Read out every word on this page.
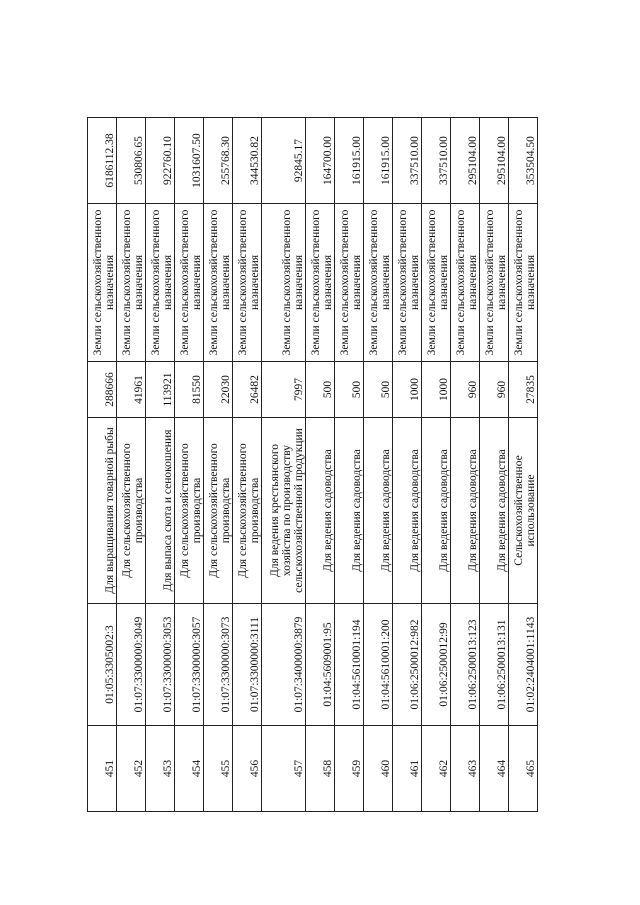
451	01:05:3305002:3	Для выращивания товарной рыбы	288666	Земли сельскохозяйственного назначения	6186112.38
452	01:07:3300000:3049	Для сельскохозяйственного производства	41961	Земли сельскохозяйственного назначения	530806.65
453	01:07:3300000:3053	Для выпаса скота и сенокошения	113921	Земли сельскохозяйственного назначения	922760.10
454	01:07:3300000:3057	Для сельскохозяйственного производства	81550	Земли сельскохозяйственного назначения	1031607.50
455	01:07:3300000:3073	Для сельскохозяйственного производства	22030	Земли сельскохозяйственного назначения	255768.30
456	01:07:3300000:3111	Для сельскохозяйственного производства	26482	Земли сельскохозяйственного назначения	344530.82
457	01:07:3400000:3879	Для ведения крестьянского хозяйства по производству сельскохозяйственной продукции	7997	Земли сельскохозяйственного назначения	92845.17
458	01:04:5609001:95	Для ведения садоводства	500	Земли сельскохозяйственного назначения	164700.00
459	01:04:5610001:194	Для ведения садоводства	500	Земли сельскохозяйственного назначения	161915.00
460	01:04:5610001:200	Для ведения садоводства	500	Земли сельскохозяйственного назначения	161915.00
461	01:06:2500012:982	Для ведения садоводства	1000	Земли сельскохозяйственного назначения	337510.00
462	01:06:2500012:99	Для ведения садоводства	1000	Земли сельскохозяйственного назначения	337510.00
463	01:06:2500013:123	Для ведения садоводства	960	Земли сельскохозяйственного назначения	295104.00
464	01:06:2500013:131	Для ведения садоводства	960	Земли сельскохозяйственного назначения	295104.00
465	01:02:2404001:1143	Сельскохозяйственное использование	27835	Земли сельскохозяйственного назначения	353504.50
